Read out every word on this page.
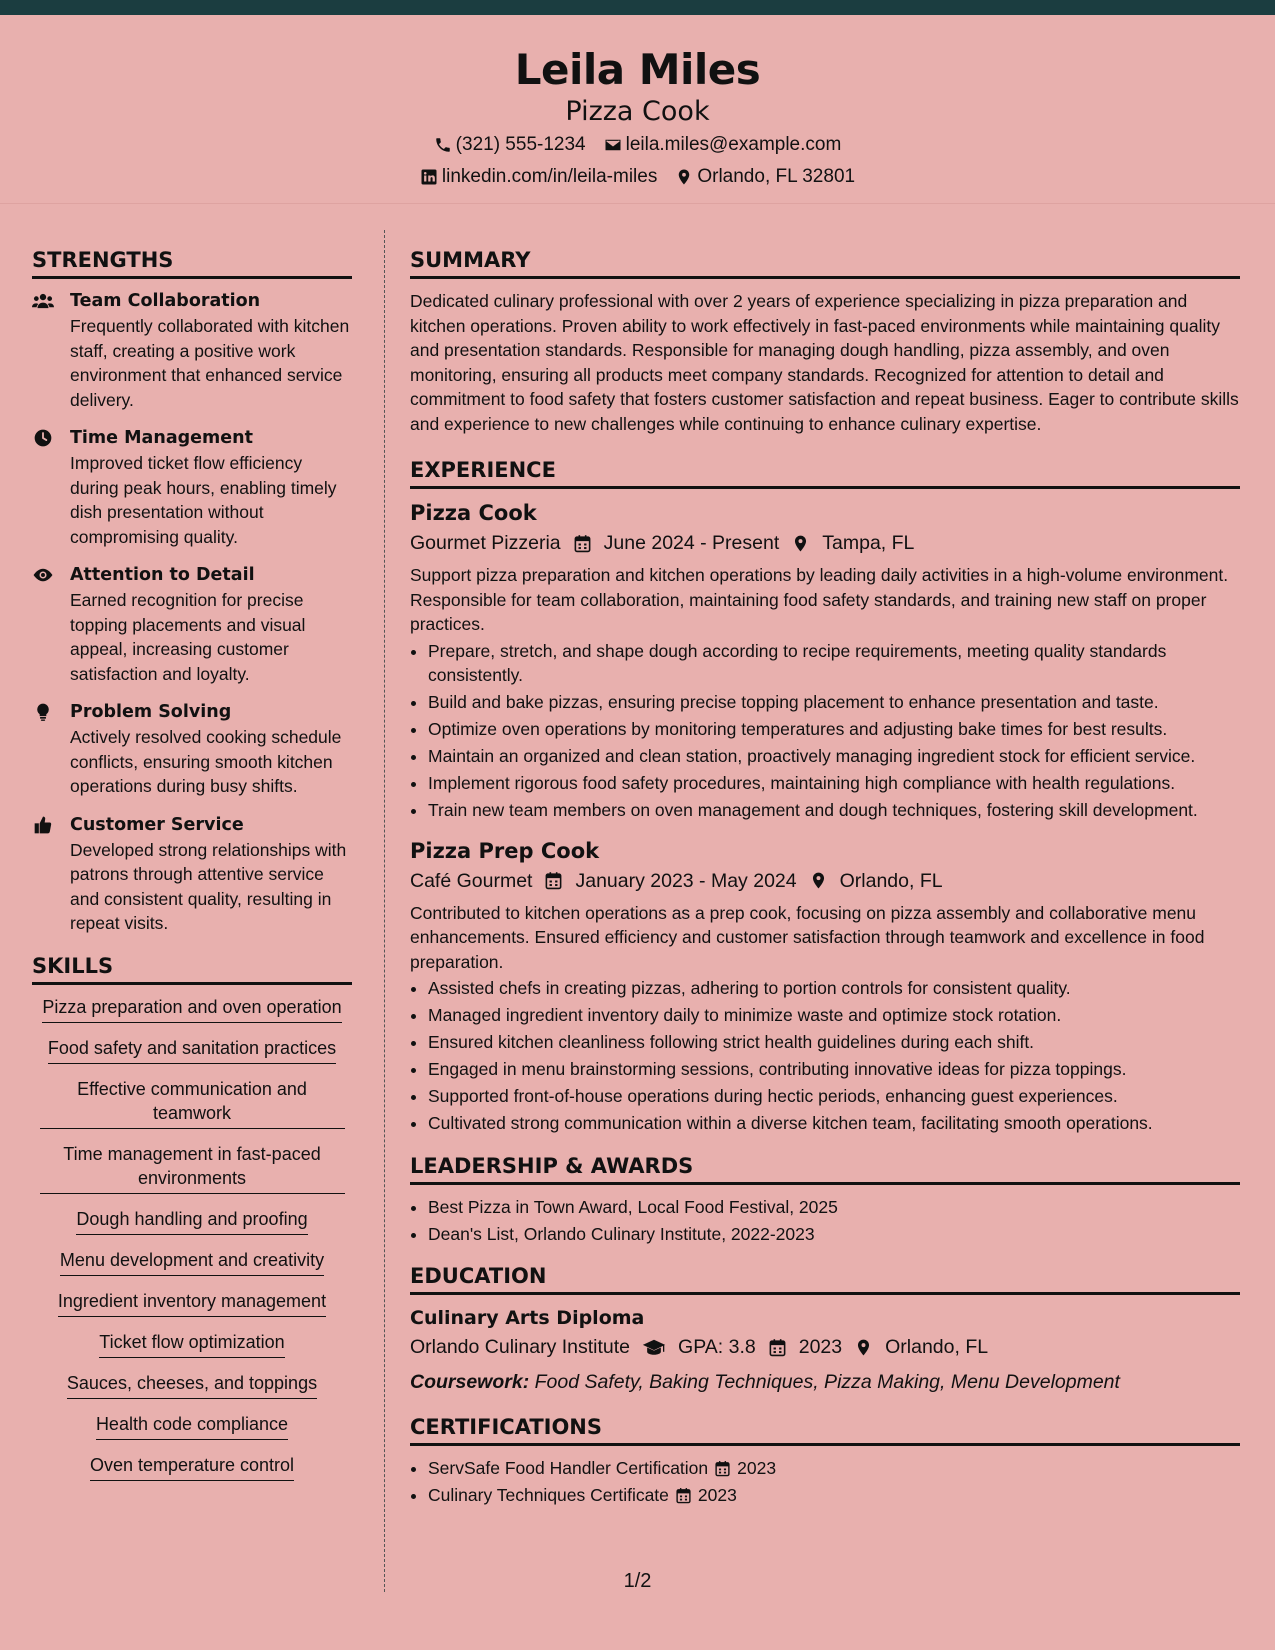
Leila Miles
Pizza Cook
(321) 555-1234 leila.miles@example.com
linkedin.com/in/leila-miles Orlando, FL 32801
STRENGTHS
Team Collaboration
Frequently collaborated with kitchen staff, creating a positive work environment that enhanced service delivery.
Time Management
Improved ticket flow efficiency during peak hours, enabling timely dish presentation without compromising quality.
Attention to Detail
Earned recognition for precise topping placements and visual appeal, increasing customer satisfaction and loyalty.
Problem Solving
Actively resolved cooking schedule conflicts, ensuring smooth kitchen operations during busy shifts.
Customer Service
Developed strong relationships with patrons through attentive service and consistent quality, resulting in repeat visits.
SKILLS
Pizza preparation and oven operation
Food safety and sanitation practices
Effective communication and teamwork
Time management in fast-paced environments
Dough handling and proofing
Menu development and creativity
Ingredient inventory management
Ticket flow optimization
Sauces, cheeses, and toppings
Health code compliance
Oven temperature control
SUMMARY
Dedicated culinary professional with over 2 years of experience specializing in pizza preparation and kitchen operations. Proven ability to work effectively in fast-paced environments while maintaining quality and presentation standards. Responsible for managing dough handling, pizza assembly, and oven monitoring, ensuring all products meet company standards. Recognized for attention to detail and commitment to food safety that fosters customer satisfaction and repeat business. Eager to contribute skills and experience to new challenges while continuing to enhance culinary expertise.
EXPERIENCE
Pizza Cook
Gourmet Pizzeria June 2024 - Present Tampa, FL
Support pizza preparation and kitchen operations by leading daily activities in a high-volume environment. Responsible for team collaboration, maintaining food safety standards, and training new staff on proper practices.
• Prepare, stretch, and shape dough according to recipe requirements, meeting quality standards consistently.
• Build and bake pizzas, ensuring precise topping placement to enhance presentation and taste.
• Optimize oven operations by monitoring temperatures and adjusting bake times for best results.
• Maintain an organized and clean station, proactively managing ingredient stock for efficient service.
• Implement rigorous food safety procedures, maintaining high compliance with health regulations.
• Train new team members on oven management and dough techniques, fostering skill development.
Pizza Prep Cook
Café Gourmet January 2023 - May 2024 Orlando, FL
Contributed to kitchen operations as a prep cook, focusing on pizza assembly and collaborative menu enhancements. Ensured efficiency and customer satisfaction through teamwork and excellence in food preparation.
• Assisted chefs in creating pizzas, adhering to portion controls for consistent quality.
• Managed ingredient inventory daily to minimize waste and optimize stock rotation.
• Ensured kitchen cleanliness following strict health guidelines during each shift.
• Engaged in menu brainstorming sessions, contributing innovative ideas for pizza toppings.
• Supported front-of-house operations during hectic periods, enhancing guest experiences.
• Cultivated strong communication within a diverse kitchen team, facilitating smooth operations.
LEADERSHIP & AWARDS
• Best Pizza in Town Award, Local Food Festival, 2025
• Dean's List, Orlando Culinary Institute, 2022-2023
EDUCATION
Culinary Arts Diploma
Orlando Culinary Institute GPA: 3.8 2023 Orlando, FL
Coursework: Food Safety, Baking Techniques, Pizza Making, Menu Development
CERTIFICATIONS
• ServSafe Food Handler Certification 2023
• Culinary Techniques Certificate 2023
1/2
